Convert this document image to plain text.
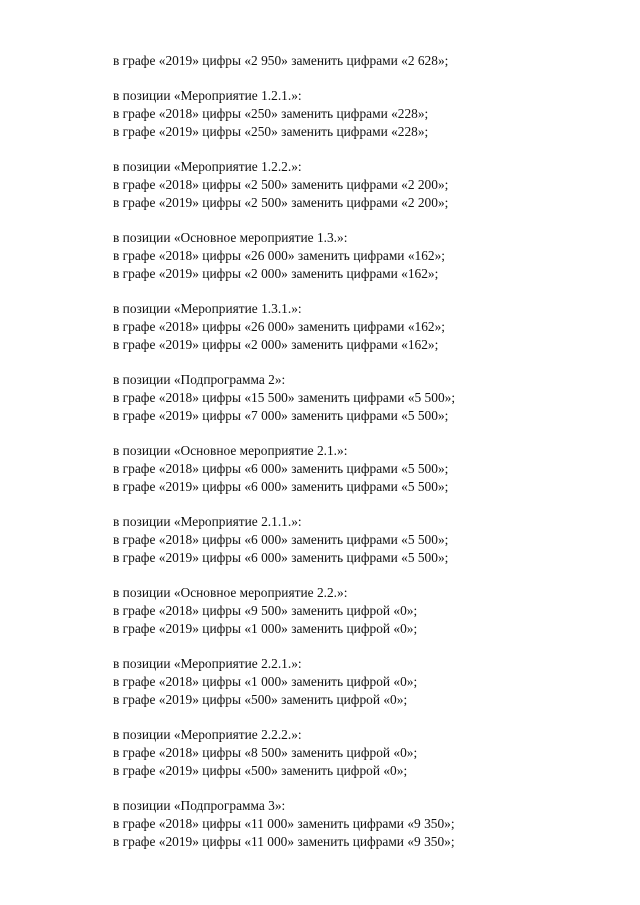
в графе «2019» цифры «2 950» заменить цифрами «2 628»;
в позиции «Мероприятие 1.2.1.»:
в графе «2018» цифры «250» заменить цифрами «228»;
в графе «2019» цифры «250» заменить цифрами «228»;
в позиции «Мероприятие 1.2.2.»:
в графе «2018» цифры «2 500» заменить цифрами «2 200»;
в графе «2019» цифры «2 500» заменить цифрами «2 200»;
в позиции «Основное мероприятие 1.3.»:
в графе «2018» цифры «26 000» заменить цифрами «162»;
в графе «2019» цифры «2 000» заменить цифрами «162»;
в позиции «Мероприятие 1.3.1.»:
в графе «2018» цифры «26 000» заменить цифрами «162»;
в графе «2019» цифры «2 000» заменить цифрами «162»;
в позиции «Подпрограмма 2»:
в графе «2018» цифры «15 500» заменить цифрами «5 500»;
в графе «2019» цифры «7 000» заменить цифрами «5 500»;
в позиции «Основное мероприятие 2.1.»:
в графе «2018» цифры «6 000» заменить цифрами «5 500»;
в графе «2019» цифры «6 000» заменить цифрами «5 500»;
в позиции «Мероприятие 2.1.1.»:
в графе «2018» цифры «6 000» заменить цифрами «5 500»;
в графе «2019» цифры «6 000» заменить цифрами «5 500»;
в позиции «Основное мероприятие 2.2.»:
в графе «2018» цифры «9 500» заменить цифрой «0»;
в графе «2019» цифры «1 000» заменить цифрой «0»;
в позиции «Мероприятие 2.2.1.»:
в графе «2018» цифры «1 000» заменить цифрой «0»;
в графе «2019» цифры «500» заменить цифрой «0»;
в позиции «Мероприятие 2.2.2.»:
в графе «2018» цифры «8 500» заменить цифрой «0»;
в графе «2019» цифры «500» заменить цифрой «0»;
в позиции «Подпрограмма 3»:
в графе «2018» цифры «11 000» заменить цифрами «9 350»;
в графе «2019» цифры «11 000» заменить цифрами «9 350»;
